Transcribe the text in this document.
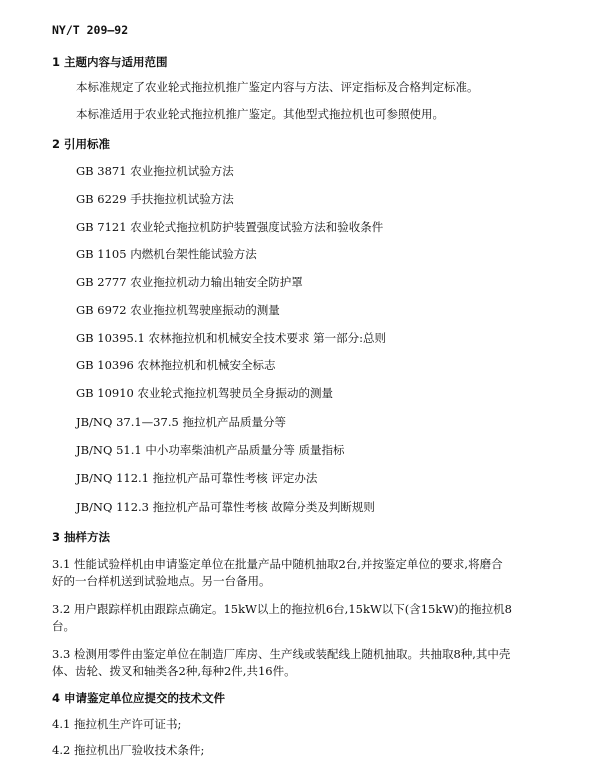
NY/T 209—92
1 主题内容与适用范围
本标准规定了农业轮式拖拉机推广鉴定内容与方法、评定指标及合格判定标准。
本标准适用于农业轮式拖拉机推广鉴定。其他型式拖拉机也可参照使用。
2 引用标准
GB 3871 农业拖拉机试验方法
GB 6229 手扶拖拉机试验方法
GB 7121 农业轮式拖拉机防护装置强度试验方法和验收条件
GB 1105 内燃机台架性能试验方法
GB 2777 农业拖拉机动力输出轴安全防护罩
GB 6972 农业拖拉机驾驶座振动的测量
GB 10395.1 农林拖拉机和机械安全技术要求 第一部分:总则
GB 10396 农林拖拉机和机械安全标志
GB 10910 农业轮式拖拉机驾驶员全身振动的测量
JB/NQ 37.1—37.5 拖拉机产品质量分等
JB/NQ 51.1 中小功率柴油机产品质量分等 质量指标
JB/NQ 112.1 拖拉机产品可靠性考核 评定办法
JB/NQ 112.3 拖拉机产品可靠性考核 故障分类及判断规则
3 抽样方法
3.1 性能试验样机由申请鉴定单位在批量产品中随机抽取2台,并按鉴定单位的要求,将磨合
好的一台样机送到试验地点。另一台备用。
3.2 用户跟踪样机由跟踪点确定。15kW以上的拖拉机6台,15kW以下(含15kW)的拖拉机8
台。
3.3 检测用零件由鉴定单位在制造厂库房、生产线或装配线上随机抽取。共抽取8种,其中壳
体、齿轮、拨叉和轴类各2种,每种2件,共16件。
4 申请鉴定单位应提交的技术文件
4.1 拖拉机生产许可证书;
4.2 拖拉机出厂验收技术条件;
